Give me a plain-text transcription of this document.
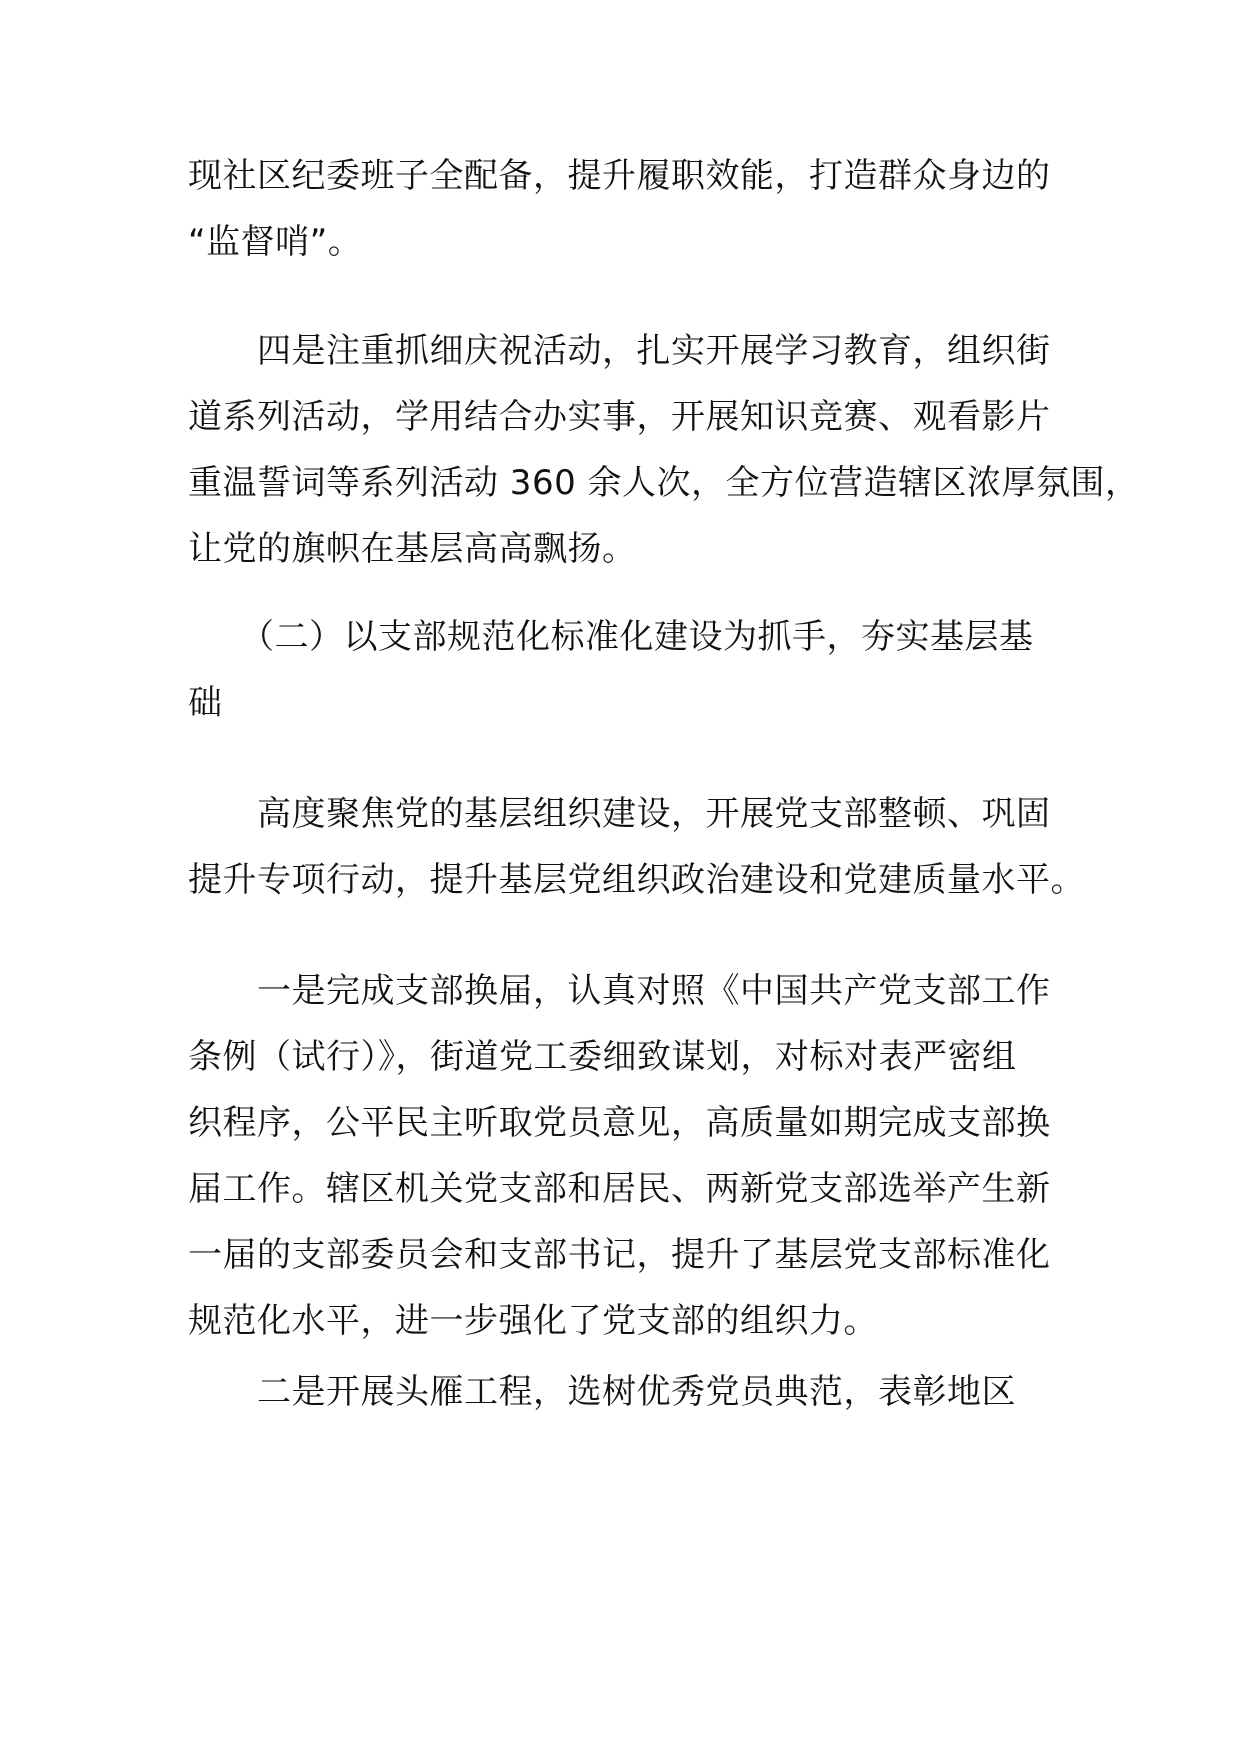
现社区纪委班子全配备，提升履职效能，打造群众身边的
“监督哨”。

　　四是注重抓细庆祝活动，扎实开展学习教育，组织街
道系列活动，学用结合办实事，开展知识竞赛、观看影片
重温誓词等系列活动 360 余人次，全方位营造辖区浓厚氛围，
让党的旗帜在基层高高飘扬。

　　（二）以支部规范化标准化建设为抓手，夯实基层基
础

　　高度聚焦党的基层组织建设，开展党支部整顿、巩固
提升专项行动，提升基层党组织政治建设和党建质量水平。

　　一是完成支部换届，认真对照《中国共产党支部工作
条例（试行）》，街道党工委细致谋划，对标对表严密组
织程序，公平民主听取党员意见，高质量如期完成支部换
届工作。辖区机关党支部和居民、两新党支部选举产生新
一届的支部委员会和支部书记，提升了基层党支部标准化
规范化水平，进一步强化了党支部的组织力。

　　二是开展头雁工程，选树优秀党员典范，表彰地区
